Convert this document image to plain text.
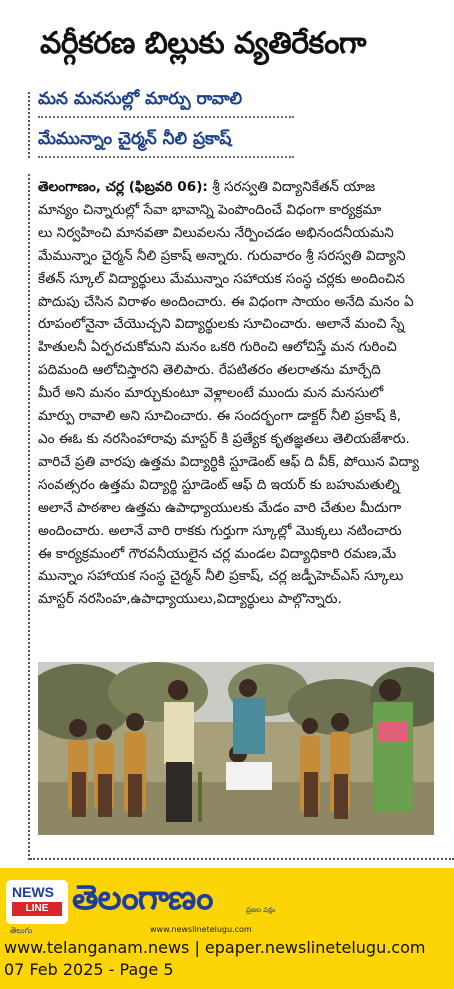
వర్గీకరణ బిల్లుకు వ్యతిరేకంగా
మన మనసుల్లో మార్పు రావాలి
మేమున్నాం చైర్మన్ నీలి ప్రకాష్

తెలంగాణం, చర్ల (ఫిబ్రవరి 06): శ్రీ సరస్వతి విద్యానికేతన్ యాజ

మాన్యం చిన్నారుల్లో సేవా భావాన్ని పెంపొందించే విధంగా కార్యక్రమా

లు నిర్వహించి మానవతా విలువలను నేర్పించడం అభినందనీయమని

మేమున్నాం చైర్మన్ నీలి ప్రకాష్ అన్నారు. గురువారం శ్రీ సరస్వతి విద్యాని

కేతన్ స్కూల్ విద్యార్థులు మేమున్నాం సహాయక సంస్థ చర్లకు అందించిన

పొదుపు చేసిన విరాళం అందించారు. ఈ విధంగా సాయం అనేది మనం ఏ

రూపంలోనైనా చేయొచ్చని విద్యార్థులకు సూచించారు. అలానే మంచి స్నే

హితులనీ ఏర్పరచుకోమని మనం ఒకరి గురించి ఆలోచిస్తే మన గురించి

పదిమంది ఆలోచిస్తారని తెలిపారు. రేపటితరం తలరాతను మార్చేది

మీరే అని మనం మార్చుకుంటూ వెళ్లాలంటే ముందు మన మనసులో

మార్పు రావాలి అని సూచించారు. ఈ సందర్భంగా డాక్టర్ నీలి ప్రకాష్ కి,

ఎం ఈఓ కు నరసింహారావు మాస్టర్ కి ప్రత్యేక కృతజ్ఞతలు తెలియజేశారు.

వారిచే ప్రతి వారపు ఉత్తమ విద్యార్థికి స్టూడెంట్ ఆఫ్ ది వీక్, పోయిన విద్యా

సంవత్సరం ఉత్తమ విద్యార్థి స్టూడెంట్ ఆఫ్ ది ఇయర్ కు బహుమతుల్ని

అలానే పాఠశాల ఉత్తమ ఉపాధ్యాయులకు మేడం వారి చేతుల మీదుగా

అందించారు. అలానే వారి రాకకు గుర్తుగా స్కూల్లో మొక్కలు నటించారు

ఈ కార్యక్రమంలో గౌరవనీయులైన చర్ల మండల విద్యాధికారి రమణ,మే

మున్నాం సహాయక సంస్థ చైర్మన్ నీలి ప్రకాష్, చర్ల జడ్పీహెచ్ఎస్ స్కూలు

మాస్టర్ నరసింహ,ఉపాధ్యాయులు,విద్యార్థులు పాల్గొన్నారు.

NEWS
LINE
తెలుగు
తెలంగాణం	ప్రజల పక్షం
www.newslinetelugu.com
www.telanganam.news | epaper.newslinetelugu.com
07 Feb 2025 - Page 5
